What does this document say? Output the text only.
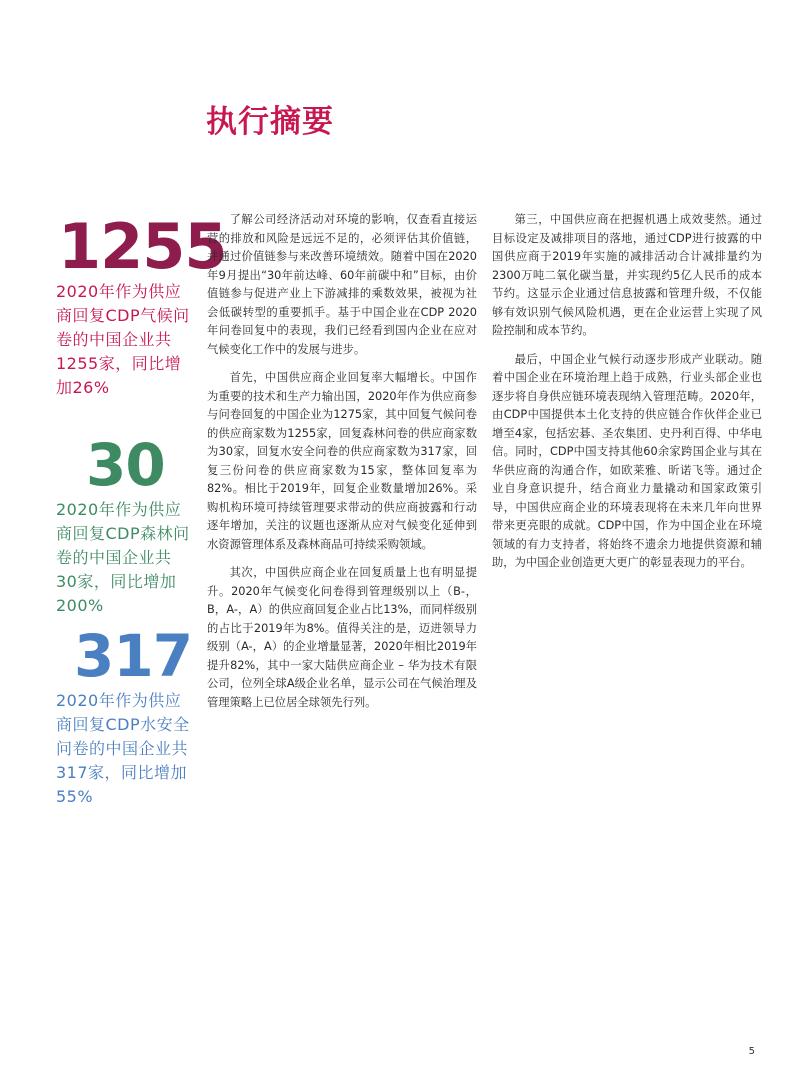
执行摘要
1255
2020年作为供应商回复CDP气候问卷的中国企业共1255家，同比增加26%
30
2020年作为供应商回复CDP森林问卷的中国企业共30家，同比增加200%
317
2020年作为供应商回复CDP水安全问卷的中国企业共317家，同比增加55%

了解公司经济活动对环境的影响，仅查看直接运营的排放和风险是远远不足的，必须评估其价值链，并通过价值链参与来改善环境绩效。随着中国在2020年9月提出“30年前达峰、60年前碳中和”目标，由价值链参与促进产业上下游减排的乘数效果，被视为社会低碳转型的重要抓手。基于中国企业在CDP 2020年问卷回复中的表现，我们已经看到国内企业在应对气候变化工作中的发展与进步。

首先，中国供应商企业回复率大幅增长。中国作为重要的技术和生产力输出国，2020年作为供应商参与问卷回复的中国企业为1275家，其中回复气候问卷的供应商家数为1255家，回复森林问卷的供应商家数为30家，回复水安全问卷的供应商家数为317家，回复三份问卷的供应商家数为15家，整体回复率为82%。相比于2019年，回复企业数量增加26%。采购机构环境可持续管理要求带动的供应商披露和行动逐年增加，关注的议题也逐渐从应对气候变化延伸到水资源管理体系及森林商品可持续采购领域。

其次，中国供应商企业在回复质量上也有明显提升。2020年气候变化问卷得到管理级别以上（B-，B，A-，A）的供应商回复企业占比13%，而同样级别的占比于2019年为8%。值得关注的是，迈进领导力级别（A-，A）的企业增量显著，2020年相比2019年提升82%，其中一家大陆供应商企业 – 华为技术有限公司，位列全球A级企业名单，显示公司在气候治理及管理策略上已位居全球领先行列。

第三，中国供应商在把握机遇上成效斐然。通过目标设定及减排项目的落地，通过CDP进行披露的中国供应商于2019年实施的减排活动合计减排量约为2300万吨二氧化碳当量，并实现约5亿人民币的成本节约。这显示企业通过信息披露和管理升级，不仅能够有效识别气候风险机遇，更在企业运营上实现了风险控制和成本节约。

最后，中国企业气候行动逐步形成产业联动。随着中国企业在环境治理上趋于成熟，行业头部企业也逐步将自身供应链环境表现纳入管理范畴。2020年，由CDP中国提供本土化支持的供应链合作伙伴企业已增至4家，包括宏碁、圣农集团、史丹利百得、中华电信。同时，CDP中国支持其他60余家跨国企业与其在华供应商的沟通合作，如欧莱雅、昕诺飞等。通过企业自身意识提升，结合商业力量撬动和国家政策引导，中国供应商企业的环境表现将在未来几年向世界带来更亮眼的成就。CDP中国，作为中国企业在环境领域的有力支持者，将始终不遗余力地提供资源和辅助，为中国企业创造更大更广的彰显表现力的平台。

5
